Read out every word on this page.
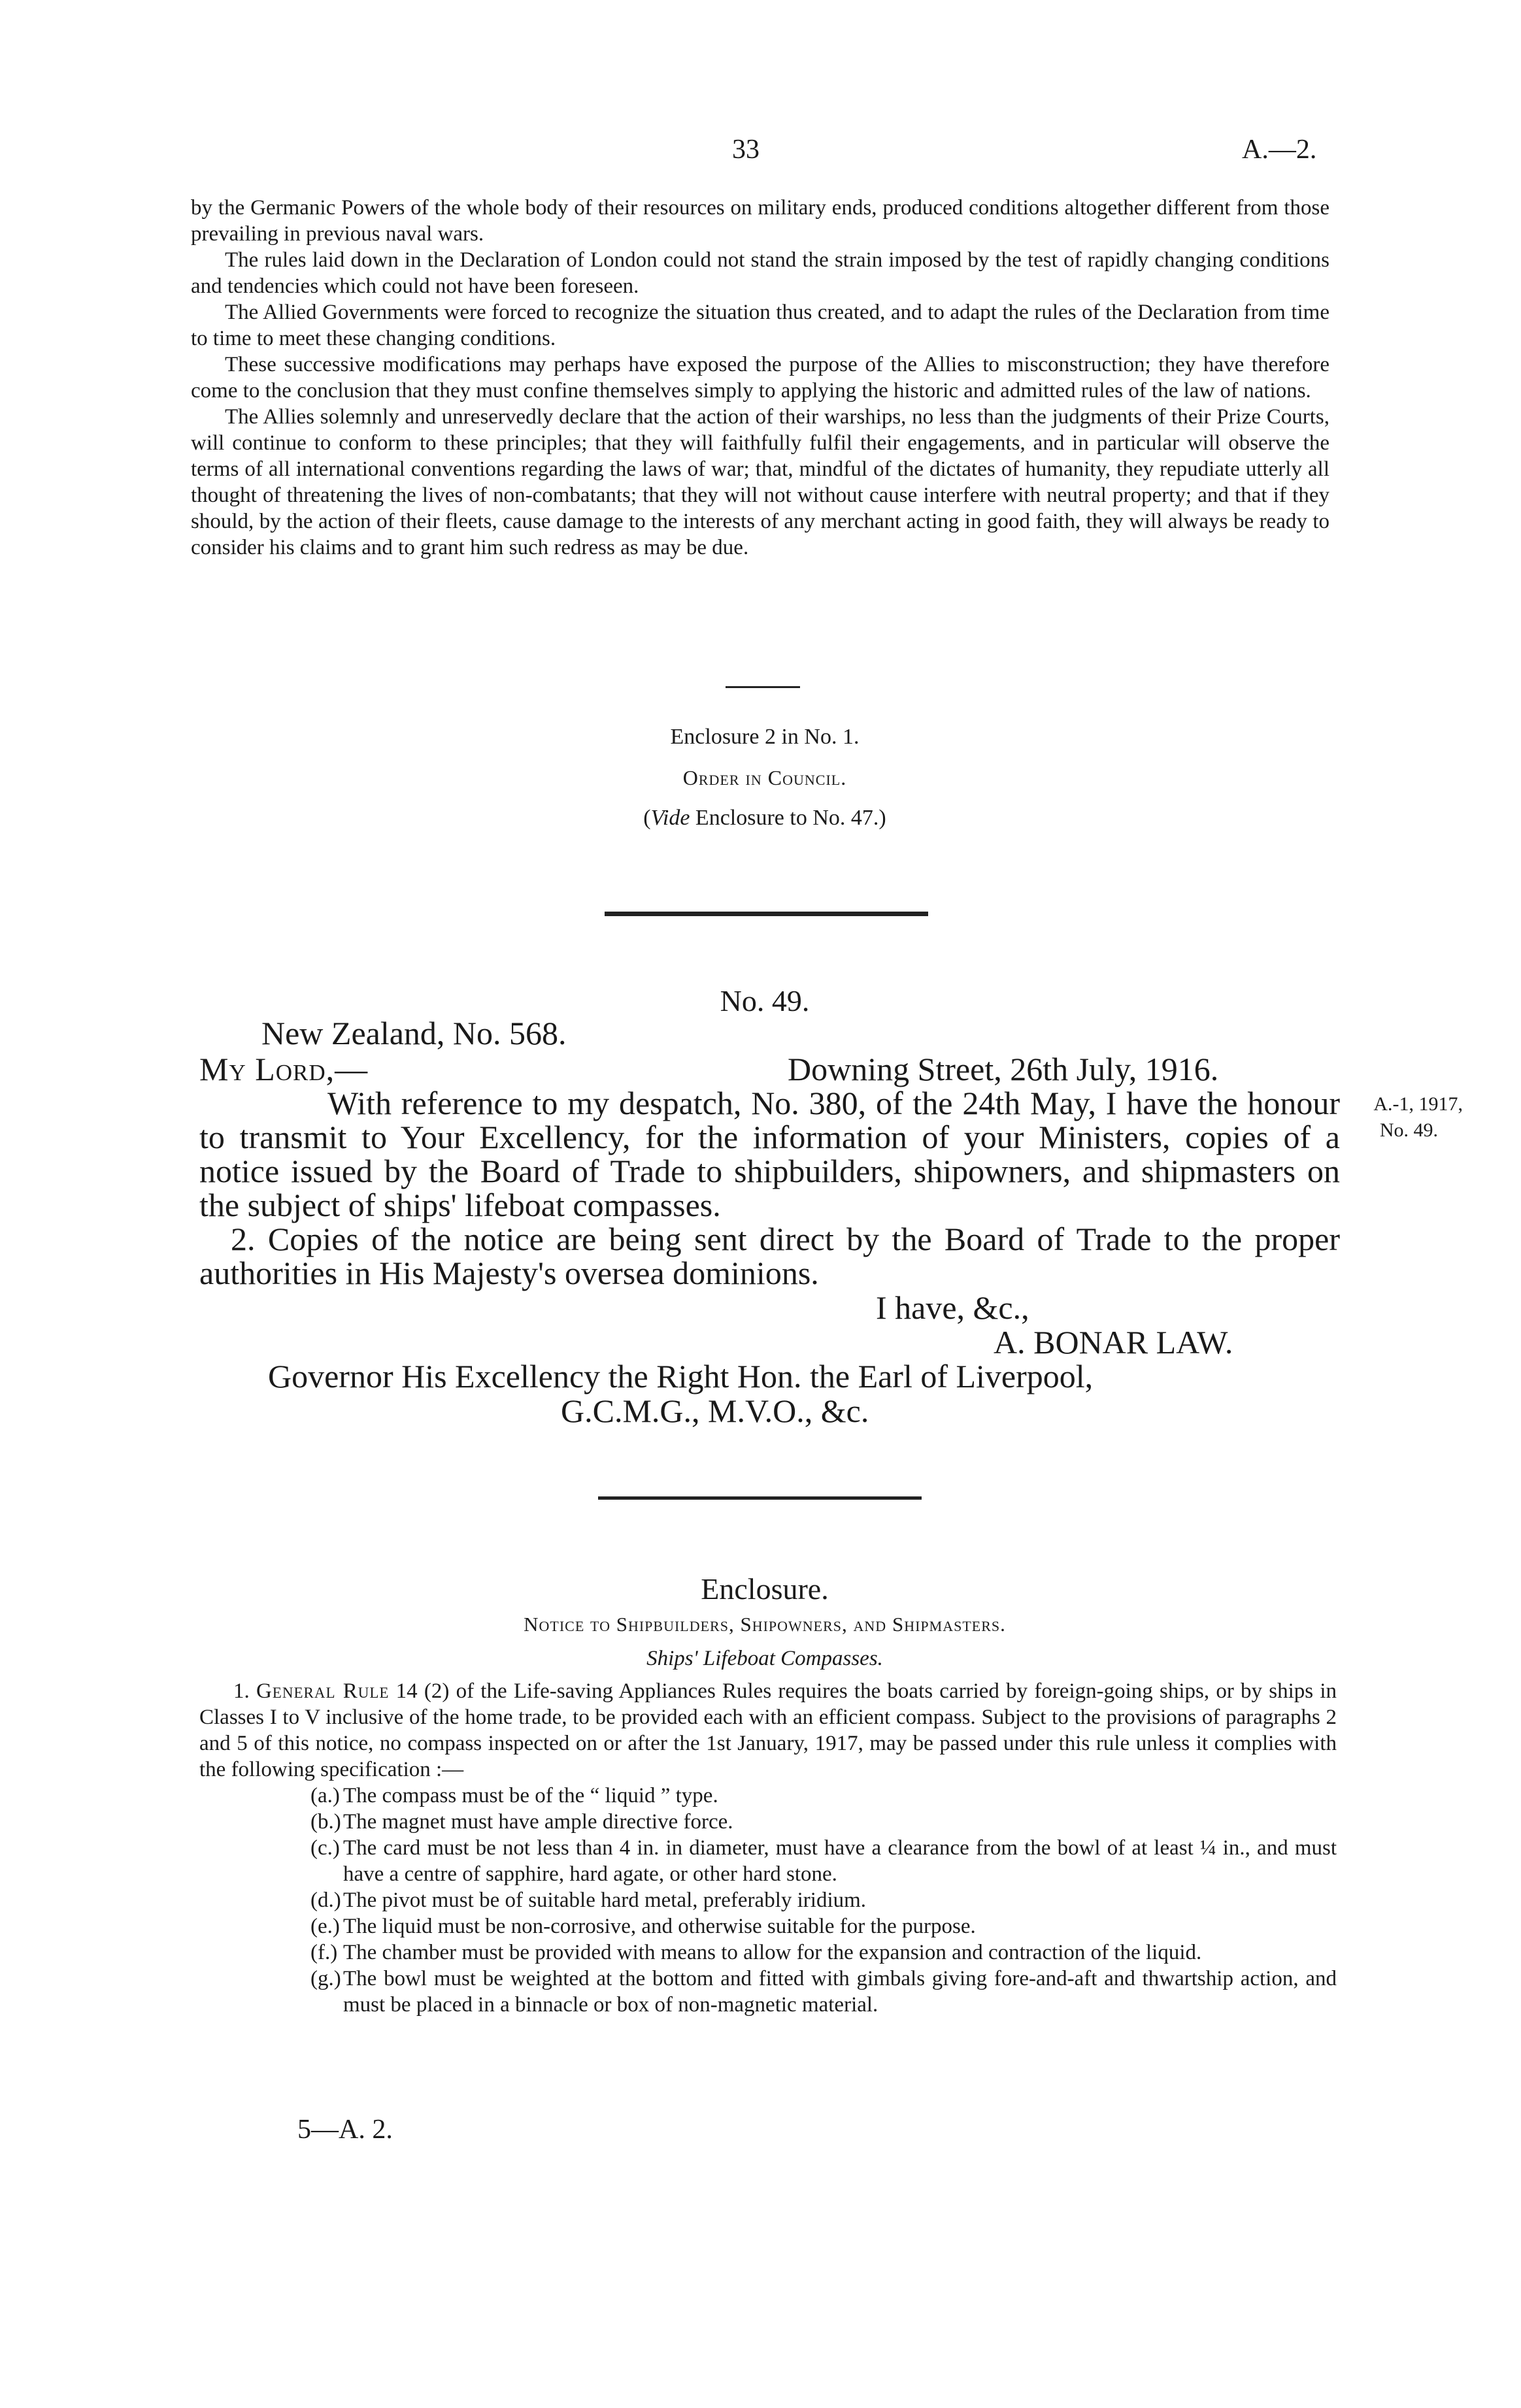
33	A.—2.

by the Germanic Powers of the whole body of their resources on military ends, produced conditions altogether different from those prevailing in previous naval wars.

The rules laid down in the Declaration of London could not stand the strain imposed by the test of rapidly changing conditions and tendencies which could not have been foreseen.

The Allied Governments were forced to recognize the situation thus created, and to adapt the rules of the Declaration from time to time to meet these changing conditions.

These successive modifications may perhaps have exposed the purpose of the Allies to misconstruction; they have therefore come to the conclusion that they must confine themselves simply to applying the historic and admitted rules of the law of nations.

The Allies solemnly and unreservedly declare that the action of their warships, no less than the judgments of their Prize Courts, will continue to conform to these principles; that they will faithfully fulfil their engagements, and in particular will observe the terms of all international conventions regarding the laws of war; that, mindful of the dictates of humanity, they repudiate utterly all thought of threatening the lives of non-combatants; that they will not without cause interfere with neutral property; and that if they should, by the action of their fleets, cause damage to the interests of any merchant acting in good faith, they will always be ready to consider his claims and to grant him such redress as may be due.

Enclosure 2 in No. 1.
Order in Council.
(Vide Enclosure to No. 47.)
No. 49.
New Zealand, No. 568.
My Lord,—	Downing Street, 26th July, 1916.
With reference to my despatch, No. 380, of the 24th May, I have the honour to transmit to Your Excellency, for the information of your Ministers, copies of a notice issued by the Board of Trade to shipbuilders, shipowners, and shipmasters on the subject of ships' lifeboat compasses.
2. Copies of the notice are being sent direct by the Board of Trade to the proper authorities in His Majesty's oversea dominions.
A.-1, 1917,
No. 49.
I have, &c.,
A. BONAR LAW.
Governor His Excellency the Right Hon. the Earl of Liverpool,
G.C.M.G., M.V.O., &c.
Enclosure.
Notice to Shipbuilders, Shipowners, and Shipmasters.
Ships' Lifeboat Compasses.

1. General Rule 14 (2) of the Life-saving Appliances Rules requires the boats carried by foreign-going ships, or by ships in Classes I to V inclusive of the home trade, to be provided each with an efficient compass. Subject to the provisions of paragraphs 2 and 5 of this notice, no compass inspected on or after the 1st January, 1917, may be passed under this rule unless it complies with the following specification :—

(a.) The compass must be of the “ liquid ” type.
(b.) The magnet must have ample directive force.
(c.) The card must be not less than 4 in. in diameter, must have a clearance from the bowl of at least ¼ in., and must have a centre of sapphire, hard agate, or other hard stone.
(d.) The pivot must be of suitable hard metal, preferably iridium.
(e.) The liquid must be non-corrosive, and otherwise suitable for the purpose.
(f.) The chamber must be provided with means to allow for the expansion and contraction of the liquid.
(g.) The bowl must be weighted at the bottom and fitted with gimbals giving fore-and-aft and thwartship action, and must be placed in a binnacle or box of non-magnetic material.
5—A. 2.
